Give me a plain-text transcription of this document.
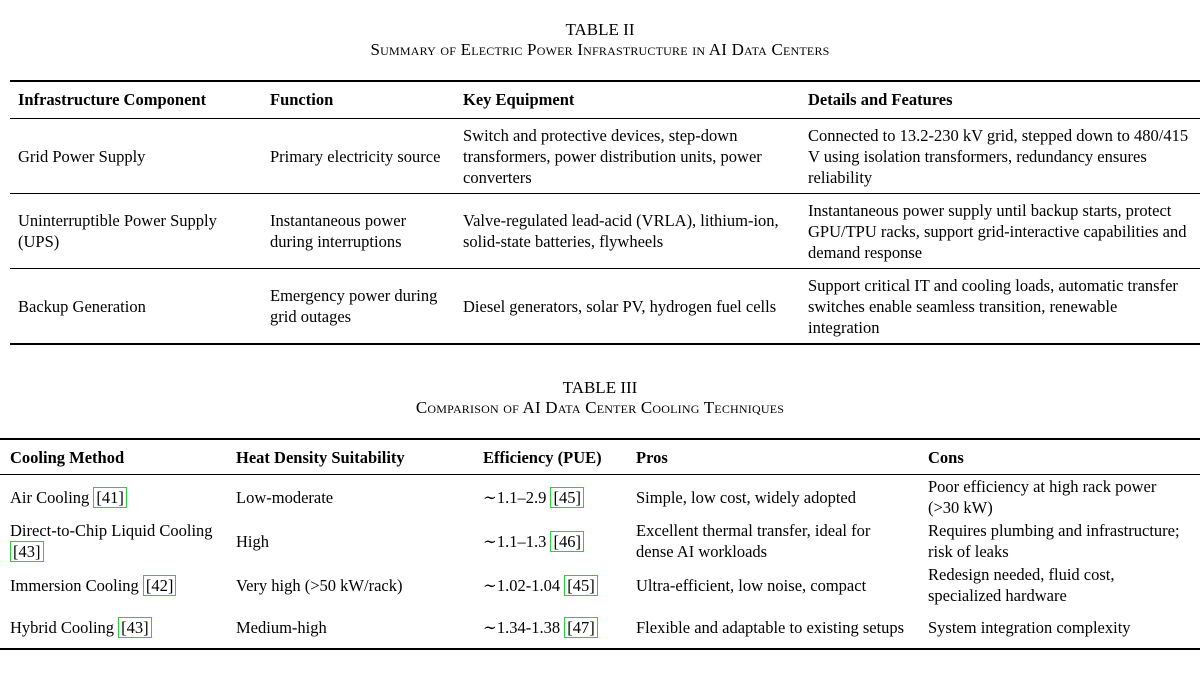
TABLE II
Summary of Electric Power Infrastructure in AI Data Centers
Infrastructure Component	Function	Key Equipment	Details and Features
Grid Power Supply	Primary electricity source	Switch and protective devices, step-down transformers, power distribution units, power converters	Connected to 13.2-230 kV grid, stepped down to 480/415 V using isolation transformers, redundancy ensures reliability
Uninterruptible Power Supply (UPS)	Instantaneous power during interruptions	Valve-regulated lead-acid (VRLA), lithium-ion, solid-state batteries, flywheels	Instantaneous power supply until backup starts, protect GPU/TPU racks, support grid-interactive capabilities and demand response
Backup Generation	Emergency power during grid outages	Diesel generators, solar PV, hydrogen fuel cells	Support critical IT and cooling loads, automatic transfer switches enable seamless transition, renewable integration
TABLE III
Comparison of AI Data Center Cooling Techniques
Cooling Method	Heat Density Suitability	Efficiency (PUE)	Pros	Cons
Air Cooling [41]	Low-moderate	∼1.1–2.9 [45]	Simple, low cost, widely adopted	Poor efficiency at high rack power (>30 kW)
Direct-to-Chip Liquid Cooling [43]	High	∼1.1–1.3 [46]	Excellent thermal transfer, ideal for dense AI workloads	Requires plumbing and infrastructure; risk of leaks
Immersion Cooling [42]	Very high (>50 kW/rack)	∼1.02-1.04 [45]	Ultra-efficient, low noise, compact	Redesign needed, fluid cost, specialized hardware
Hybrid Cooling [43]	Medium-high	∼1.34-1.38 [47]	Flexible and adaptable to existing setups	System integration complexity
